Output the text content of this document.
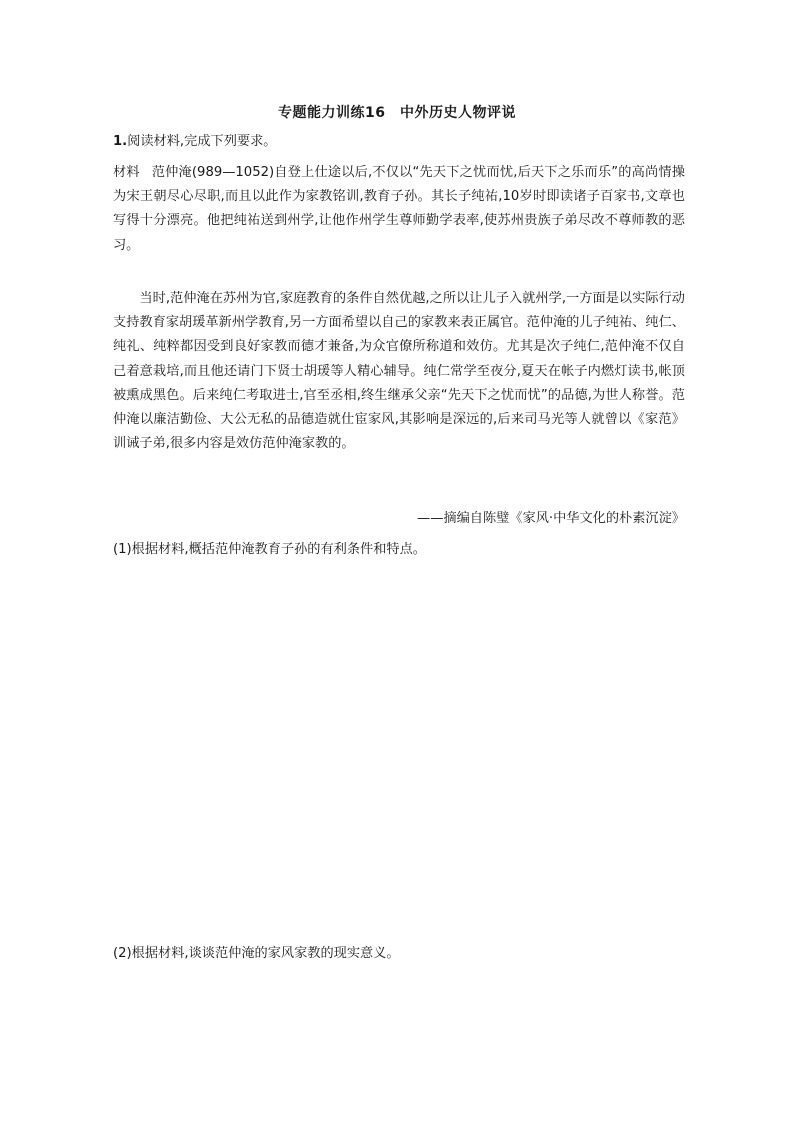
专题能力训练16　中外历史人物评说

1.阅读材料,完成下列要求。

材料 范仲淹(989—1052)自登上仕途以后,不仅以“先天下之忧而忧,后天下之乐而乐”的高尚情操为宋王朝尽心尽职,而且以此作为家教铭训,教育子孙。其长子纯祐,10岁时即读诸子百家书,文章也写得十分漂亮。他把纯祐送到州学,让他作州学生尊师勤学表率,使苏州贵族子弟尽改不尊师教的恶习。

当时,范仲淹在苏州为官,家庭教育的条件自然优越,之所以让儿子入就州学,一方面是以实际行动支持教育家胡瑗革新州学教育,另一方面希望以自己的家教来表正属官。范仲淹的儿子纯祐、纯仁、纯礼、纯粹都因受到良好家教而德才兼备,为众官僚所称道和效仿。尤其是次子纯仁,范仲淹不仅自己着意栽培,而且他还请门下贤士胡瑗等人精心辅导。纯仁常学至夜分,夏天在帐子内燃灯读书,帐顶被熏成黑色。后来纯仁考取进士,官至丞相,终生继承父亲“先天下之忧而忧”的品德,为世人称誉。范仲淹以廉洁勤俭、大公无私的品德造就仕宦家风,其影响是深远的,后来司马光等人就曾以《家范》训诫子弟,很多内容是效仿范仲淹家教的。

——摘编自陈璧《家风·中华文化的朴素沉淀》

(1)根据材料,概括范仲淹教育子孙的有利条件和特点。

(2)根据材料,谈谈范仲淹的家风家教的现实意义。
